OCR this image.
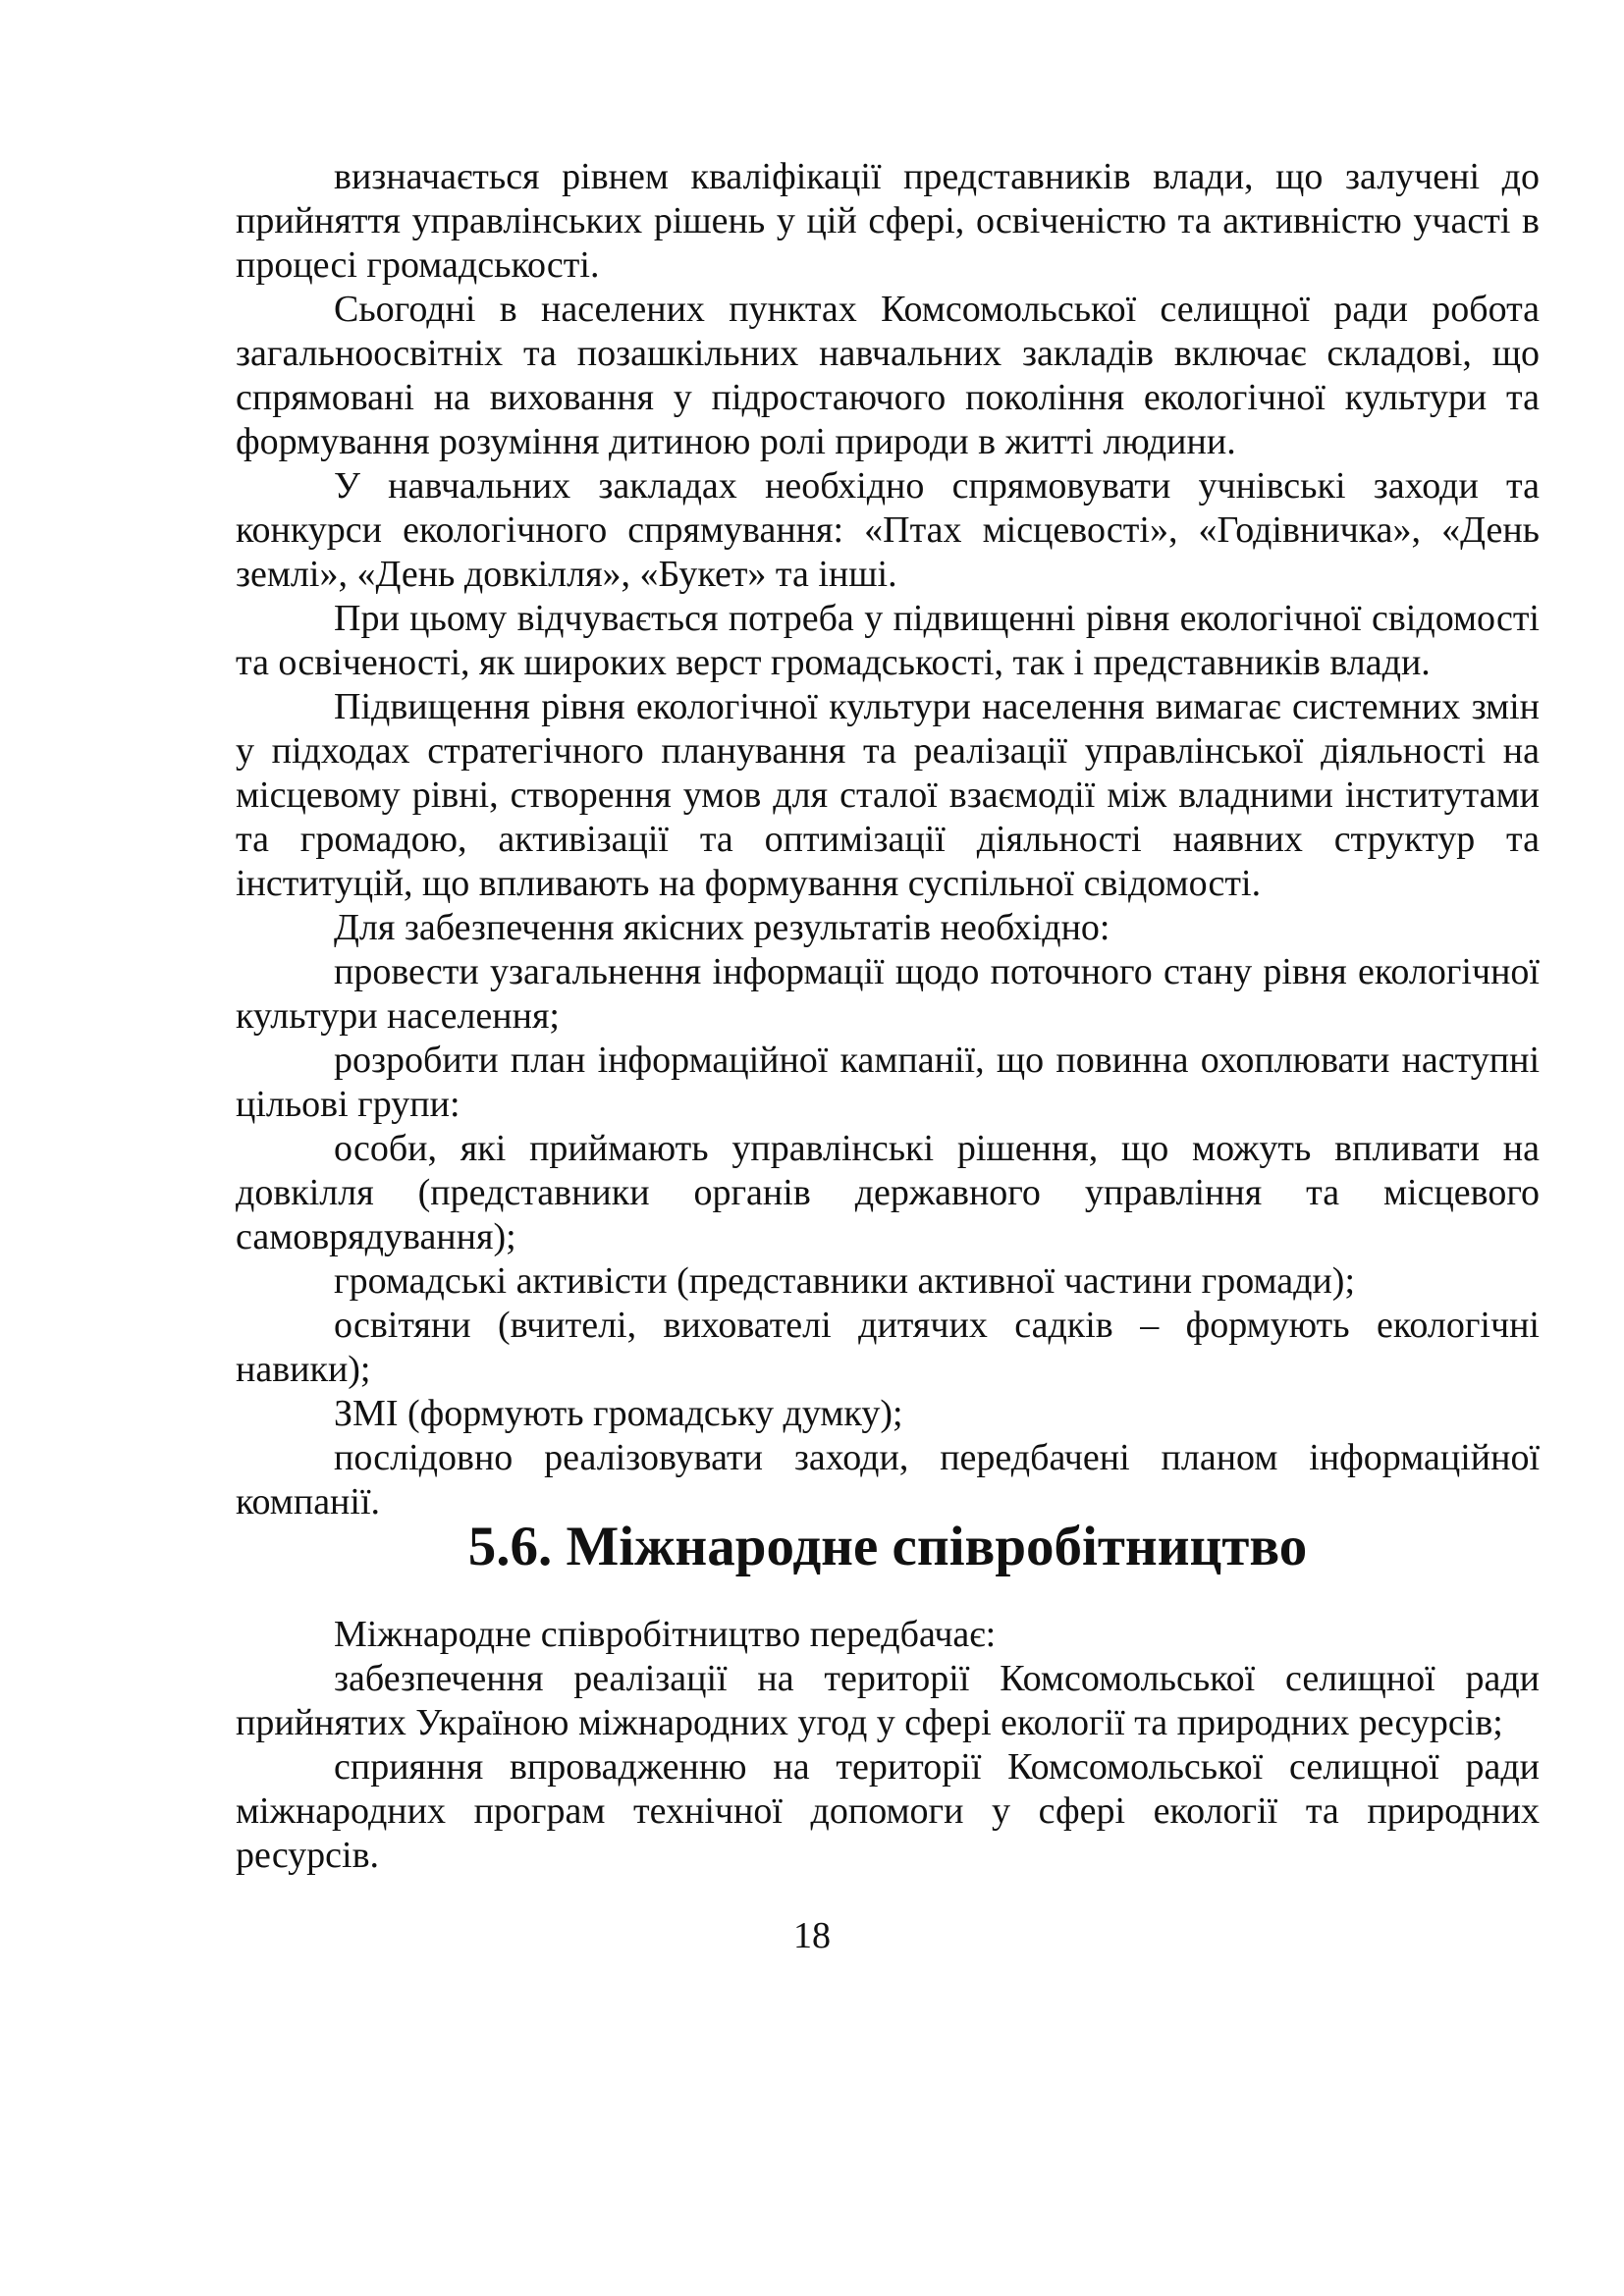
визначається рівнем кваліфікації представників влади, що залучені до прийняття управлінських рішень у цій сфері, освіченістю та активністю участі в процесі громадськості.

Сьогодні в населених пунктах Комсомольської селищної ради робота загальноосвітніх та позашкільних навчальних закладів включає складові, що спрямовані на виховання у підростаючого покоління екологічної культури та формування розуміння дитиною ролі природи в житті людини.

У навчальних закладах необхідно спрямовувати учнівські заходи та конкурси екологічного спрямування: «Птах місцевості», «Годівничка», «День землі», «День довкілля», «Букет» та інші.

При цьому відчувається потреба у підвищенні рівня екологічної свідомості та освіченості, як широких верст громадськості, так і представників влади.

Підвищення рівня екологічної культури населення вимагає системних змін у підходах стратегічного планування та реалізації управлінської діяльності на місцевому рівні, створення умов для сталої взаємодії між владними інститутами та громадою, активізації та оптимізації діяльності наявних структур та інституцій, що впливають на формування суспільної свідомості.

Для забезпечення якісних результатів необхідно:

провести узагальнення інформації щодо поточного стану рівня екологічної культури населення;

розробити план інформаційної кампанії, що повинна охоплювати наступні цільові групи:

особи, які приймають управлінські рішення, що можуть впливати на довкілля (представники органів державного управління та місцевого самоврядування);

громадські активісти (представники активної частини громади);

освітяни (вчителі, вихователі дитячих садків – формують екологічні навики);

ЗМІ (формують громадську думку);

послідовно реалізовувати заходи, передбачені планом інформаційної компанії.

5.6. Міжнародне співробітництво

Міжнародне співробітництво передбачає:

забезпечення реалізації на території Комсомольської селищної ради прийнятих Україною міжнародних угод у сфері екології та природних ресурсів;

сприяння впровадженню на території Комсомольської селищної ради міжнародних програм технічної допомоги у сфері екології та природних ресурсів.

18
